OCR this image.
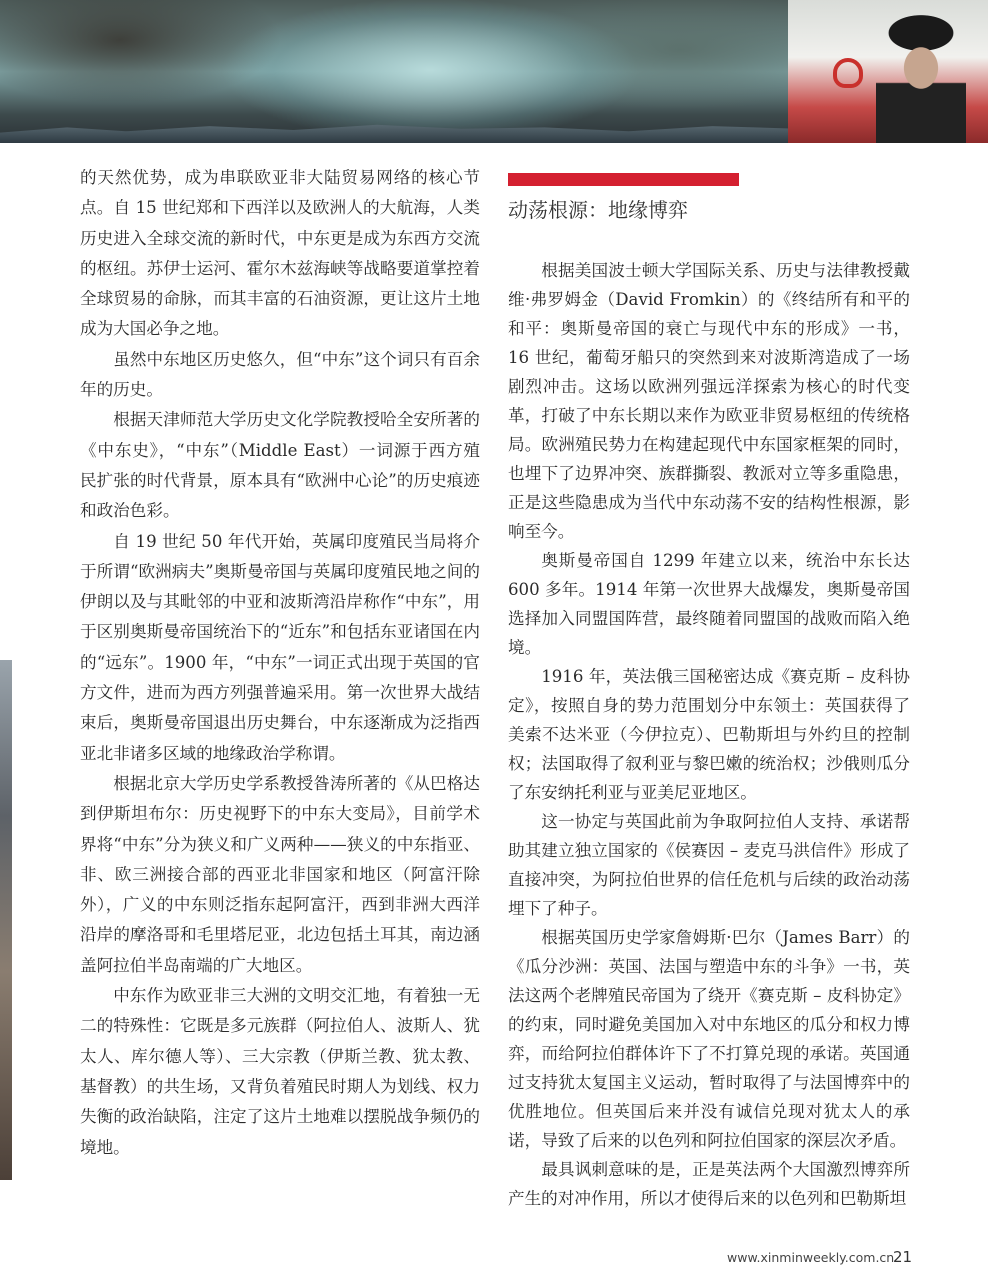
的天然优势，成为串联欧亚非大陆贸易网络的核心节点。自 15 世纪郑和下西洋以及欧洲人的大航海，人类历史进入全球交流的新时代，中东更是成为东西方交流的枢纽。苏伊士运河、霍尔木兹海峡等战略要道掌控着全球贸易的命脉，而其丰富的石油资源，更让这片土地成为大国必争之地。

虽然中东地区历史悠久，但“中东”这个词只有百余年的历史。

根据天津师范大学历史文化学院教授哈全安所著的《中东史》，“中东”（Middle East）一词源于西方殖民扩张的时代背景，原本具有“欧洲中心论”的历史痕迹和政治色彩。

自 19 世纪 50 年代开始，英属印度殖民当局将介于所谓“欧洲病夫”奥斯曼帝国与英属印度殖民地之间的伊朗以及与其毗邻的中亚和波斯湾沿岸称作“中东”，用于区别奥斯曼帝国统治下的“近东”和包括东亚诸国在内的“远东”。1900 年，“中东”一词正式出现于英国的官方文件，进而为西方列强普遍采用。第一次世界大战结束后，奥斯曼帝国退出历史舞台，中东逐渐成为泛指西亚北非诸多区域的地缘政治学称谓。

根据北京大学历史学系教授昝涛所著的《从巴格达到伊斯坦布尔：历史视野下的中东大变局》，目前学术界将“中东”分为狭义和广义两种——狭义的中东指亚、非、欧三洲接合部的西亚北非国家和地区（阿富汗除外），广义的中东则泛指东起阿富汗，西到非洲大西洋沿岸的摩洛哥和毛里塔尼亚，北边包括土耳其，南边涵盖阿拉伯半岛南端的广大地区。

中东作为欧亚非三大洲的文明交汇地，有着独一无二的特殊性：它既是多元族群（阿拉伯人、波斯人、犹太人、库尔德人等）、三大宗教（伊斯兰教、犹太教、基督教）的共生场，又背负着殖民时期人为划线、权力失衡的政治缺陷，注定了这片土地难以摆脱战争频仍的境地。

动荡根源：地缘博弈

根据美国波士顿大学国际关系、历史与法律教授戴维·弗罗姆金（David Fromkin）的《终结所有和平的和平：奥斯曼帝国的衰亡与现代中东的形成》一书，16 世纪，葡萄牙船只的突然到来对波斯湾造成了一场剧烈冲击。这场以欧洲列强远洋探索为核心的时代变革，打破了中东长期以来作为欧亚非贸易枢纽的传统格局。欧洲殖民势力在构建起现代中东国家框架的同时，也埋下了边界冲突、族群撕裂、教派对立等多重隐患，正是这些隐患成为当代中东动荡不安的结构性根源，影响至今。

奥斯曼帝国自 1299 年建立以来，统治中东长达 600 多年。1914 年第一次世界大战爆发，奥斯曼帝国选择加入同盟国阵营，最终随着同盟国的战败而陷入绝境。

1916 年，英法俄三国秘密达成《赛克斯 – 皮科协定》，按照自身的势力范围划分中东领土：英国获得了美索不达米亚（今伊拉克）、巴勒斯坦与外约旦的控制权；法国取得了叙利亚与黎巴嫩的统治权；沙俄则瓜分了东安纳托利亚与亚美尼亚地区。

这一协定与英国此前为争取阿拉伯人支持、承诺帮助其建立独立国家的《侯赛因 – 麦克马洪信件》形成了直接冲突，为阿拉伯世界的信任危机与后续的政治动荡埋下了种子。

根据英国历史学家詹姆斯·巴尔（James Barr）的《瓜分沙洲：英国、法国与塑造中东的斗争》一书，英法这两个老牌殖民帝国为了绕开《赛克斯 – 皮科协定》的约束，同时避免美国加入对中东地区的瓜分和权力博弈，而给阿拉伯群体许下了不打算兑现的承诺。英国通过支持犹太复国主义运动，暂时取得了与法国博弈中的优胜地位。但英国后来并没有诚信兑现对犹太人的承诺，导致了后来的以色列和阿拉伯国家的深层次矛盾。

最具讽刺意味的是，正是英法两个大国激烈博弈所产生的对冲作用，所以才使得后来的以色列和巴勒斯坦

www.xinminweekly.com.cn
21
